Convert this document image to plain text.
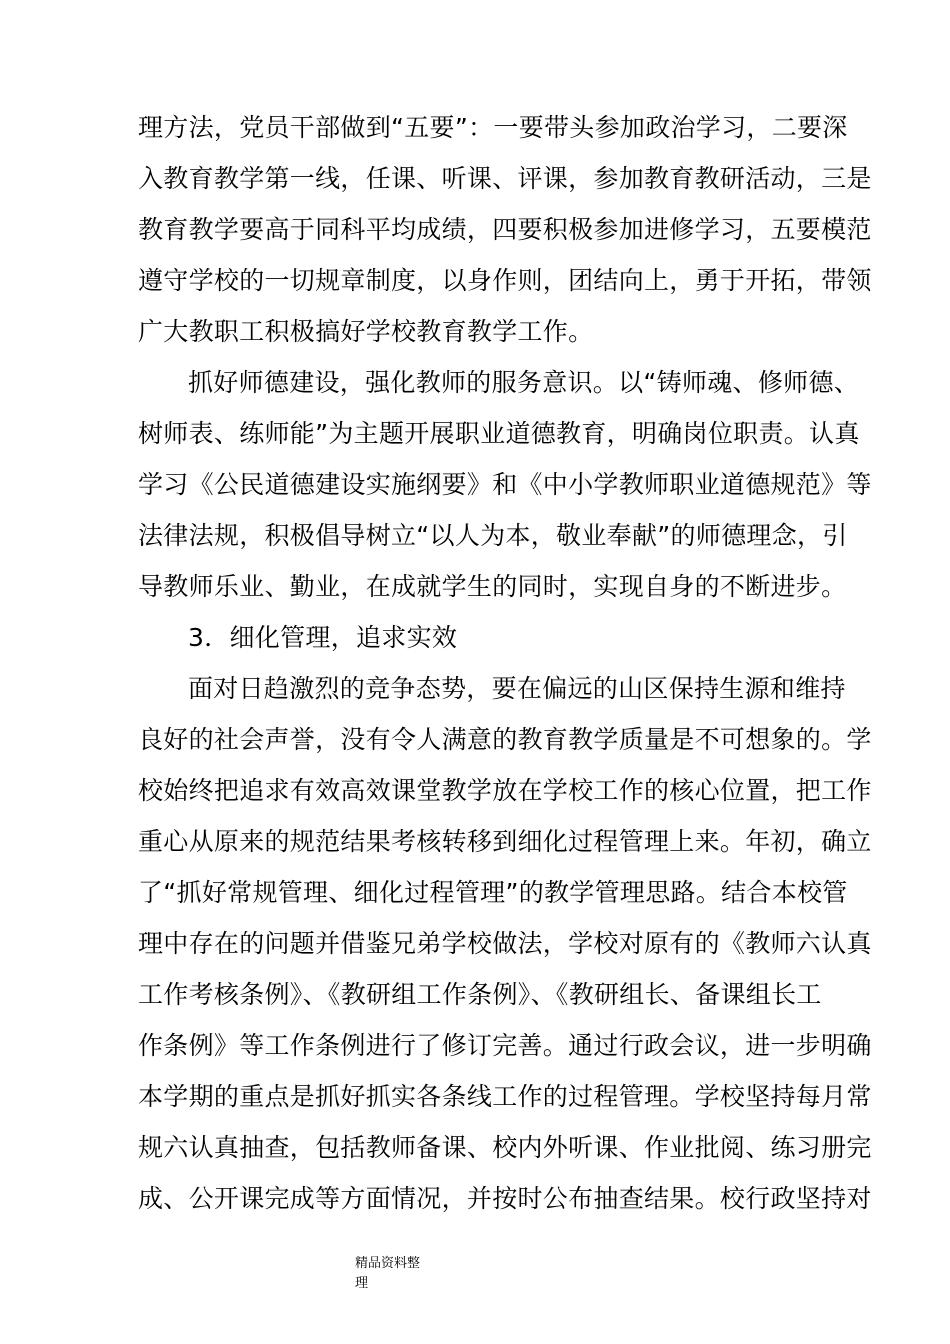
理方法，党员干部做到“五要”：一要带头参加政治学习，二要深
入教育教学第一线，任课、听课、评课，参加教育教研活动，三是
教育教学要高于同科平均成绩，四要积极参加进修学习，五要模范
遵守学校的一切规章制度，以身作则，团结向上，勇于开拓，带领
广大教职工积极搞好学校教育教学工作。
抓好师德建设，强化教师的服务意识。以“铸师魂、修师德、
树师表、练师能”为主题开展职业道德教育，明确岗位职责。认真
学习《公民道德建设实施纲要》和《中小学教师职业道德规范》等
法律法规，积极倡导树立“以人为本，敬业奉献”的师德理念，引
导教师乐业、勤业，在成就学生的同时，实现自身的不断进步。
3．细化管理，追求实效
面对日趋激烈的竞争态势，要在偏远的山区保持生源和维持
良好的社会声誉，没有令人满意的教育教学质量是不可想象的。学
校始终把追求有效高效课堂教学放在学校工作的核心位置，把工作
重心从原来的规范结果考核转移到细化过程管理上来。年初，确立
了“抓好常规管理、细化过程管理”的教学管理思路。结合本校管
理中存在的问题并借鉴兄弟学校做法，学校对原有的《教师六认真
工作考核条例》、《教研组工作条例》、《教研组长、备课组长工
作条例》等工作条例进行了修订完善。通过行政会议，进一步明确
本学期的重点是抓好抓实各条线工作的过程管理。学校坚持每月常
规六认真抽查，包括教师备课、校内外听课、作业批阅、练习册完
成、公开课完成等方面情况，并按时公布抽查结果。校行政坚持对
精品资料整
理
